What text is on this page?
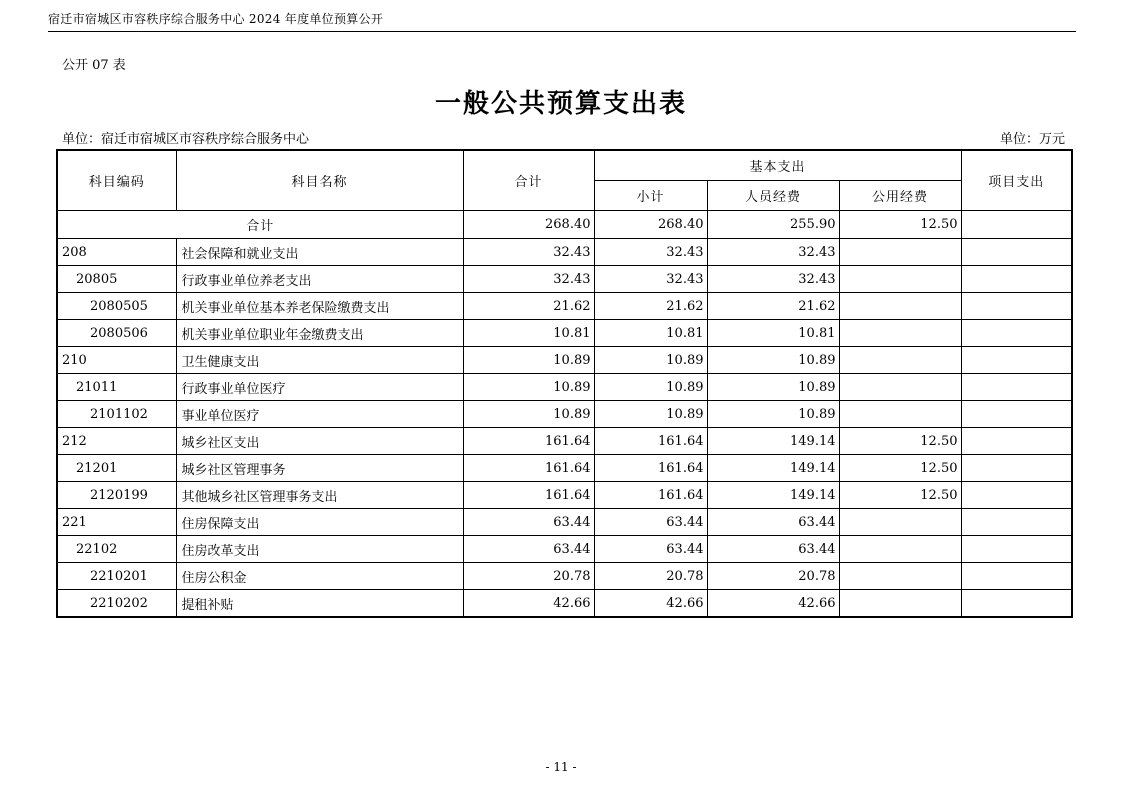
宿迁市宿城区市容秩序综合服务中心 2024 年度单位预算公开
公开 07 表
一般公共预算支出表
单位：宿迁市宿城区市容秩序综合服务中心	单位：万元
科目编码	科目名称	合计	基本支出			项目支出
			小计	人员经费	公用经费	
合计		268.40	268.40	255.90	12.50	
208	社会保障和就业支出	32.43	32.43	32.43		
20805	行政事业单位养老支出	32.43	32.43	32.43		
2080505	机关事业单位基本养老保险缴费支出	21.62	21.62	21.62		
2080506	机关事业单位职业年金缴费支出	10.81	10.81	10.81		
210	卫生健康支出	10.89	10.89	10.89		
21011	行政事业单位医疗	10.89	10.89	10.89		
2101102	事业单位医疗	10.89	10.89	10.89		
212	城乡社区支出	161.64	161.64	149.14	12.50	
21201	城乡社区管理事务	161.64	161.64	149.14	12.50	
2120199	其他城乡社区管理事务支出	161.64	161.64	149.14	12.50	
221	住房保障支出	63.44	63.44	63.44		
22102	住房改革支出	63.44	63.44	63.44		
2210201	住房公积金	20.78	20.78	20.78		
2210202	提租补贴	42.66	42.66	42.66		
- 11 -
